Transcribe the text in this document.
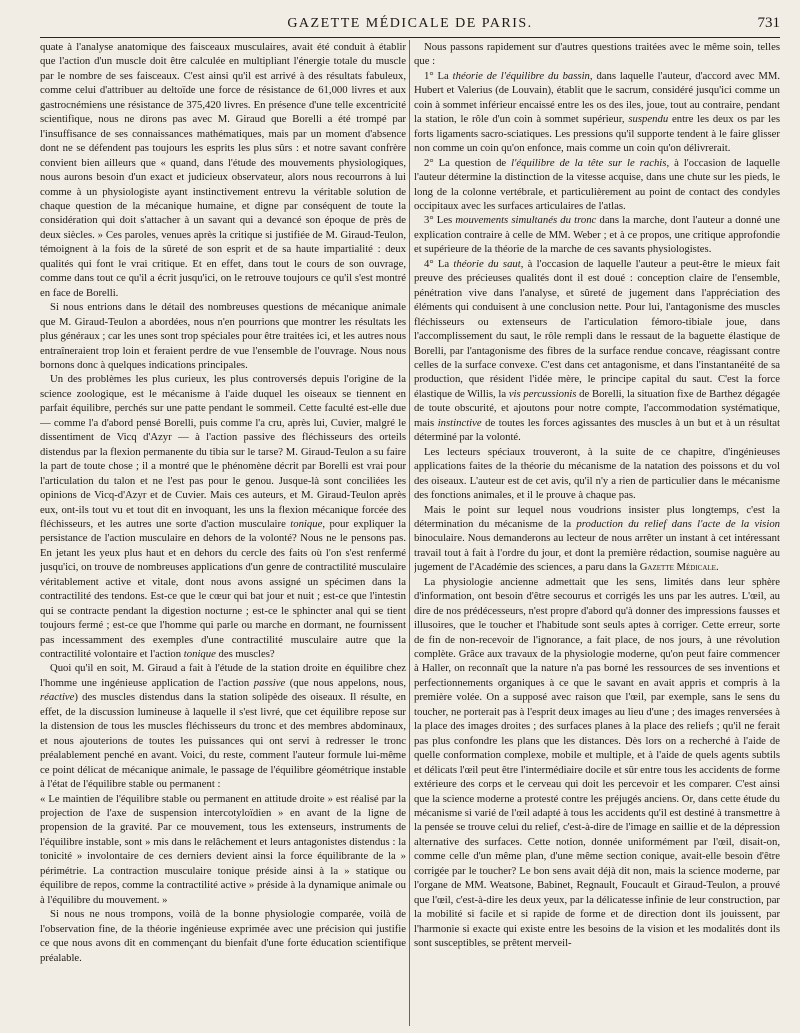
GAZETTE MÉDICALE DE PARIS.	731

quate à l'analyse anatomique des faisceaux musculaires, avait été conduit à établir que l'action d'un muscle doit être calculée en multipliant l'énergie totale du muscle par le nombre de ses faisceaux. C'est ainsi qu'il est arrivé à des résultats fabuleux, comme celui d'attribuer au deltoïde une force de résistance de 61,000 livres et aux gastrocnémiens une résistance de 375,420 livres. En présence d'une telle excentricité scientifique, nous ne dirons pas avec M. Giraud que Borelli a été trompé par l'insuffisance de ses connaissances mathématiques, mais par un moment d'absence dont ne se défendent pas toujours les esprits les plus sûrs : et notre savant confrère convient bien ailleurs que « quand, dans l'étude des mouvements physiologiques, nous aurons besoin d'un exact et judicieux observateur, alors nous recourrons à lui comme à un physiologiste ayant instinctivement entrevu la véritable solution de chaque question de la mécanique humaine, et digne par conséquent de toute la considération qui doit s'attacher à un savant qui a devancé son époque de près de deux siècles. » Ces paroles, venues après la critique si justifiée de M. Giraud-Teulon, témoignent à la fois de la sûreté de son esprit et de sa haute impartialité : deux qualités qui font le vrai critique. Et en effet, dans tout le cours de son ouvrage, comme dans tout ce qu'il a écrit jusqu'ici, on le retrouve toujours ce qu'il s'est montré en face de Borelli.

Si nous entrions dans le détail des nombreuses questions de mécanique animale que M. Giraud-Teulon a abordées, nous n'en pourrions que montrer les résultats les plus généraux ; car les unes sont trop spéciales pour être traitées ici, et les autres nous entraîneraient trop loin et feraient perdre de vue l'ensemble de l'ouvrage. Nous nous bornons donc à quelques indications principales.

Un des problèmes les plus curieux, les plus controversés depuis l'origine de la science zoologique, est le mécanisme à l'aide duquel les oiseaux se tiennent en parfait équilibre, perchés sur une patte pendant le sommeil. Cette faculté est-elle due — comme l'a d'abord pensé Borelli, puis comme l'a cru, après lui, Cuvier, malgré le dissentiment de Vicq d'Azyr — à l'action passive des fléchisseurs des orteils distendus par la flexion permanente du tibia sur le tarse? M. Giraud-Teulon a su faire la part de toute chose ; il a montré que le phénomène décrit par Borelli est vrai pour l'articulation du talon et ne l'est pas pour le genou. Jusque-là sont conciliées les opinions de Vicq-d'Azyr et de Cuvier. Mais ces auteurs, et M. Giraud-Teulon après eux, ont-ils tout vu et tout dit en invoquant, les uns la flexion mécanique forcée des fléchisseurs, et les autres une sorte d'action musculaire tonique, pour expliquer la persistance de l'action musculaire en dehors de la volonté? Nous ne le pensons pas. En jetant les yeux plus haut et en dehors du cercle des faits où l'on s'est renfermé jusqu'ici, on trouve de nombreuses applications d'un genre de contractilité musculaire véritablement active et vitale, dont nous avons assigné un spécimen dans la contractilité des tendons. Est-ce que le cœur qui bat jour et nuit ; est-ce que l'intestin qui se contracte pendant la digestion nocturne ; est-ce le sphincter anal qui se tient toujours fermé ; est-ce que l'homme qui parle ou marche en dormant, ne fournissent pas incessamment des exemples d'une contractilité musculaire autre que la contractilité volontaire et l'action tonique des muscles?

Quoi qu'il en soit, M. Giraud a fait à l'étude de la station droite en équilibre chez l'homme une ingénieuse application de l'action passive (que nous appelons, nous, réactive) des muscles distendus dans la station solipède des oiseaux. Il résulte, en effet, de la discussion lumineuse à laquelle il s'est livré, que cet équilibre repose sur la distension de tous les muscles fléchisseurs du tronc et des membres abdominaux, et nous ajouterions de toutes les puissances qui ont servi à redresser le tronc préalablement penché en avant. Voici, du reste, comment l'auteur formule lui-même ce point délicat de mécanique animale, le passage de l'équilibre géométrique instable à l'état de l'équilibre stable ou permanent :

« Le maintien de l'équilibre stable ou permanent en attitude droite » est réalisé par la projection de l'axe de suspension intercotyloïdien » en avant de la ligne de propension de la gravité. Par ce mouvement, tous les extenseurs, instruments de l'équilibre instable, sont » mis dans le relâchement et leurs antagonistes distendus : la tonicité » involontaire de ces derniers devient ainsi la force équilibrante de la » périmétrie. La contraction musculaire tonique préside ainsi à la » statique ou équilibre de repos, comme la contractilité active » préside à la dynamique animale ou à l'équilibre du mouvement. »

Si nous ne nous trompons, voilà de la bonne physiologie comparée, voilà de l'observation fine, de la théorie ingénieuse exprimée avec une précision qui justifie ce que nous avons dit en commençant du bienfait d'une forte éducation scientifique préalable.

Nous passons rapidement sur d'autres questions traitées avec le même soin, telles que :

1° La théorie de l'équilibre du bassin, dans laquelle l'auteur, d'accord avec MM. Hubert et Valerius (de Louvain), établit que le sacrum, considéré jusqu'ici comme un coin à sommet inférieur encaissé entre les os des iles, joue, tout au contraire, pendant la station, le rôle d'un coin à sommet supérieur, suspendu entre les deux os par les forts ligaments sacro-sciatiques. Les pressions qu'il supporte tendent à le faire glisser non comme un coin qu'on enfonce, mais comme un coin qu'on délivrerait.

2° La question de l'équilibre de la tête sur le rachis, à l'occasion de laquelle l'auteur détermine la distinction de la vitesse acquise, dans une chute sur les pieds, le long de la colonne vertébrale, et particulièrement au point de contact des condyles occipitaux avec les surfaces articulaires de l'atlas.

3° Les mouvements simultanés du tronc dans la marche, dont l'auteur a donné une explication contraire à celle de MM. Weber ; et à ce propos, une critique approfondie et supérieure de la théorie de la marche de ces savants physiologistes.

4° La théorie du saut, à l'occasion de laquelle l'auteur a peut-être le mieux fait preuve des précieuses qualités dont il est doué : conception claire de l'ensemble, pénétration vive dans l'analyse, et sûreté de jugement dans l'appréciation des éléments qui conduisent à une conclusion nette. Pour lui, l'antagonisme des muscles fléchisseurs ou extenseurs de l'articulation fémoro-tibiale joue, dans l'accomplissement du saut, le rôle rempli dans le ressaut de la baguette élastique de Borelli, par l'antagonisme des fibres de la surface rendue concave, réagissant contre celles de la surface convexe. C'est dans cet antagonisme, et dans l'instantanéité de sa production, que résident l'idée mère, le principe capital du saut. C'est la force élastique de Willis, la vis percussionis de Borelli, la situation fixe de Barthez dégagée de toute obscurité, et ajoutons pour notre compte, l'accommodation systématique, mais instinctive de toutes les forces agissantes des muscles à un but et à un résultat déterminé par la volonté.

Les lecteurs spéciaux trouveront, à la suite de ce chapitre, d'ingénieuses applications faites de la théorie du mécanisme de la natation des poissons et du vol des oiseaux. L'auteur est de cet avis, qu'il n'y a rien de particulier dans le mécanisme des fonctions animales, et il le prouve à chaque pas.

Mais le point sur lequel nous voudrions insister plus longtemps, c'est la détermination du mécanisme de la production du relief dans l'acte de la vision binoculaire. Nous demanderons au lecteur de nous arrêter un instant à cet intéressant travail tout à fait à l'ordre du jour, et dont la première rédaction, soumise naguère au jugement de l'Académie des sciences, a paru dans la Gazette Médicale.

La physiologie ancienne admettait que les sens, limités dans leur sphère d'information, ont besoin d'être secourus et corrigés les uns par les autres. L'œil, au dire de nos prédécesseurs, n'est propre d'abord qu'à donner des impressions fausses et illusoires, que le toucher et l'habitude sont seuls aptes à corriger. Cette erreur, sorte de fin de non-recevoir de l'ignorance, a fait place, de nos jours, à une révolution complète. Grâce aux travaux de la physiologie moderne, qu'on peut faire commencer à Haller, on reconnaît que la nature n'a pas borné les ressources de ses inventions et perfectionnements organiques à ce que le savant en avait appris et compris à la première volée. On a supposé avec raison que l'œil, par exemple, sans le sens du toucher, ne porterait pas à l'esprit deux images au lieu d'une ; des images renversées à la place des images droites ; des surfaces planes à la place des reliefs ; qu'il ne ferait pas plus confondre les plans que les distances. Dès lors on a recherché à l'aide de quelle conformation complexe, mobile et multiple, et à l'aide de quels agents subtils et délicats l'œil peut être l'intermédiaire docile et sûr entre tous les accidents de forme extérieure des corps et le cerveau qui doit les percevoir et les comparer. C'est ainsi que la science moderne a protesté contre les préjugés anciens. Or, dans cette étude du mécanisme si varié de l'œil adapté à tous les accidents qu'il est destiné à transmettre à la pensée se trouve celui du relief, c'est-à-dire de l'image en saillie et de la dépression alternative des surfaces. Cette notion, donnée uniformément par l'œil, disait-on, comme celle d'un même plan, d'une même section conique, avait-elle besoin d'être corrigée par le toucher? Le bon sens avait déjà dit non, mais la science moderne, par l'organe de MM. Weatsone, Babinet, Regnault, Foucault et Giraud-Teulon, a prouvé que l'œil, c'est-à-dire les deux yeux, par la délicatesse infinie de leur construction, par la mobilité si facile et si rapide de forme et de direction dont ils jouissent, par l'harmonie si exacte qui existe entre les besoins de la vision et les modalités dont ils sont susceptibles, se prêtent merveil-
